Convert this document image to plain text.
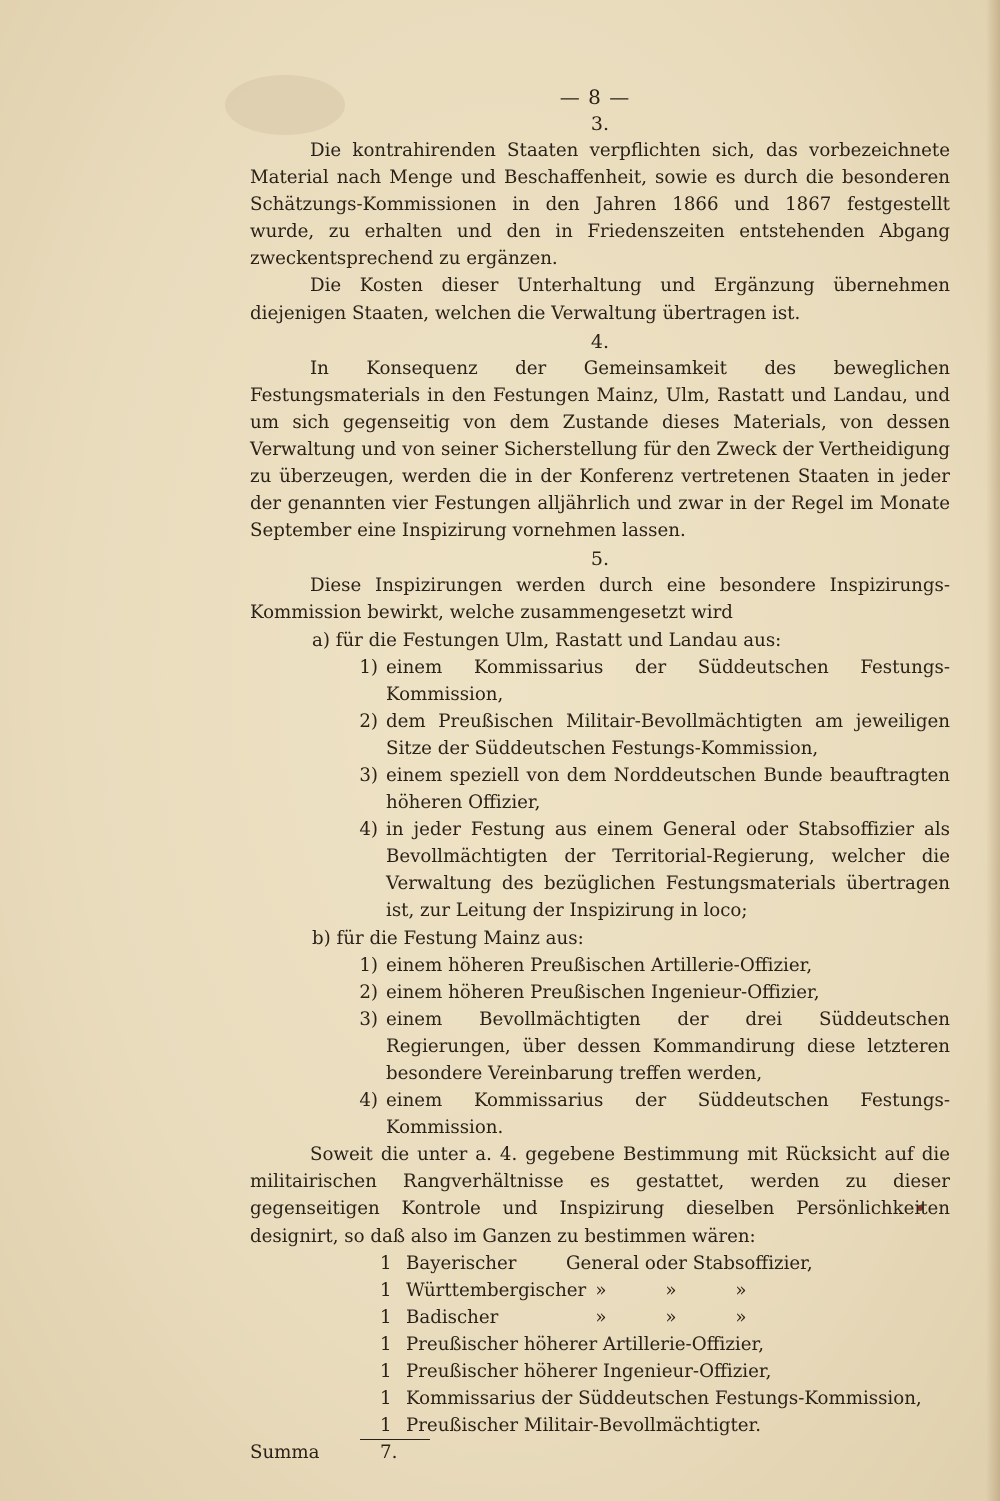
— 8 —
3.

Die kontrahirenden Staaten verpflichten sich, das vorbezeichnete Material nach Menge und Beschaffenheit, sowie es durch die besonderen Schätzungs-Kommissionen in den Jahren 1866 und 1867 festgestellt wurde, zu erhalten und den in Friedenszeiten entstehenden Abgang zweckentsprechend zu ergänzen.

Die Kosten dieser Unterhaltung und Ergänzung übernehmen diejenigen Staaten, welchen die Verwaltung übertragen ist.

4.

In Konsequenz der Gemeinsamkeit des beweglichen Festungsmaterials in den Festungen Mainz, Ulm, Rastatt und Landau, und um sich gegenseitig von dem Zustande dieses Materials, von dessen Verwaltung und von seiner Sicherstellung für den Zweck der Vertheidigung zu überzeugen, werden die in der Konferenz vertretenen Staaten in jeder der genannten vier Festungen alljährlich und zwar in der Regel im Monate September eine Inspizirung vornehmen lassen.

5.

Diese Inspizirungen werden durch eine besondere Inspizirungs-Kommission bewirkt, welche zusammengesetzt wird

a) für die Festungen Ulm, Rastatt und Landau aus:
1) einem Kommissarius der Süddeutschen Festungs-Kommission,
2) dem Preußischen Militair-Bevollmächtigten am jeweiligen Sitze der Süddeutschen Festungs-Kommission,
3) einem speziell von dem Norddeutschen Bunde beauftragten höheren Offizier,
4) in jeder Festung aus einem General oder Stabsoffizier als Bevollmächtigten der Territorial-Regierung, welcher die Verwaltung des bezüglichen Festungsmaterials übertragen ist, zur Leitung der Inspizirung in loco;
b) für die Festung Mainz aus:
1) einem höheren Preußischen Artillerie-Offizier,
2) einem höheren Preußischen Ingenieur-Offizier,
3) einem Bevollmächtigten der drei Süddeutschen Regierungen, über dessen Kommandirung diese letzteren besondere Vereinbarung treffen werden,
4) einem Kommissarius der Süddeutschen Festungs-Kommission.

Soweit die unter a. 4. gegebene Bestimmung mit Rücksicht auf die militairischen Rangverhältnisse es gestattet, werden zu dieser gegenseitigen Kontrole und Inspizirung dieselben Persönlichkeiten designirt, so daß also im Ganzen zu bestimmen wären:

1 Bayerischer	General oder Stabsoffizier,
1 Württembergischer »	»	»
1 Badischer	»	»	»
1 Preußischer höherer Artillerie-Offizier,
1 Preußischer höherer Ingenieur-Offizier,
1 Kommissarius der Süddeutschen Festungs-Kommission,
1 Preußischer Militair-Bevollmächtigter.
Summa	7.
